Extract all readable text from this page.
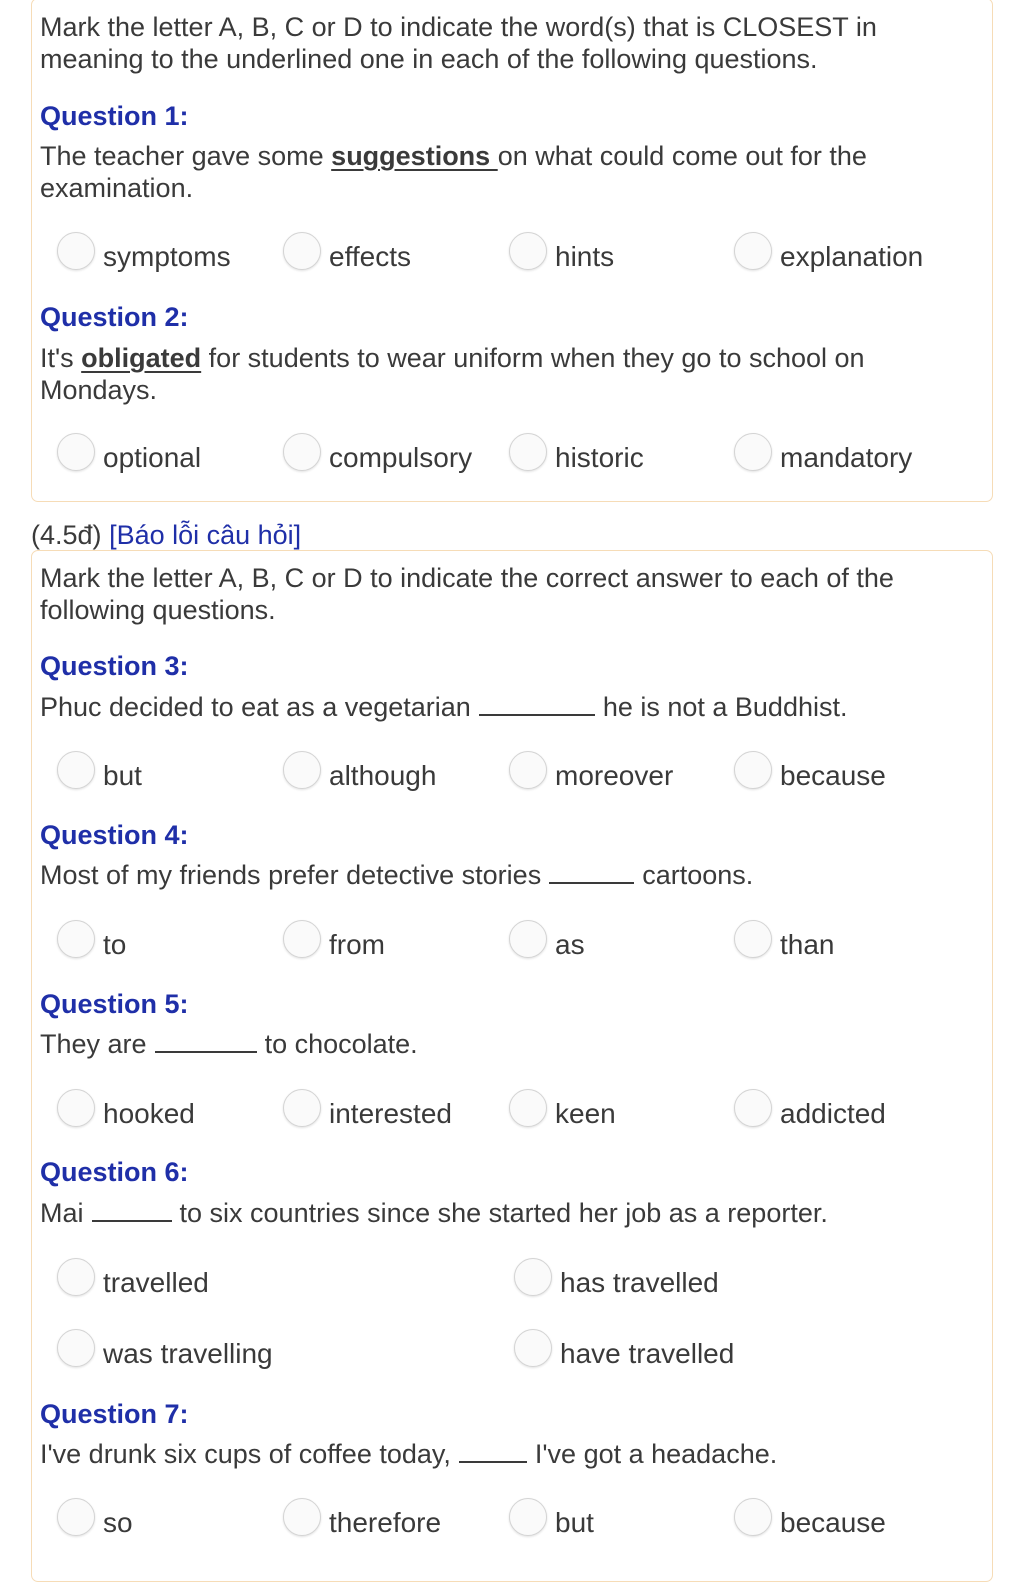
Mark the letter A, B, C or D to indicate the word(s) that is CLOSEST in meaning to the underlined one in each of the following questions.
Question 1:
The teacher gave some suggestions on what could come out for the examination.
symptoms	effects	hints	explanation
Question 2:
It's obligated for students to wear uniform when they go to school on Mondays.
optional	compulsory	historic	mandatory
(4.5đ) [Báo lỗi câu hỏi]
Mark the letter A, B, C or D to indicate the correct answer to each of the following questions.
Question 3:
Phuc decided to eat as a vegetarian	he is not a Buddhist.
but	although	moreover	because
Question 4:
Most of my friends prefer detective stories	cartoons.
to	from	as	than
Question 5:
They are	to chocolate.
hooked	interested	keen	addicted
Question 6:
Mai	to six countries since she started her job as a reporter.
travelled	has travelled
was travelling	have travelled
Question 7:
I've drunk six cups of coffee today,	I've got a headache.
so	therefore	but	because
